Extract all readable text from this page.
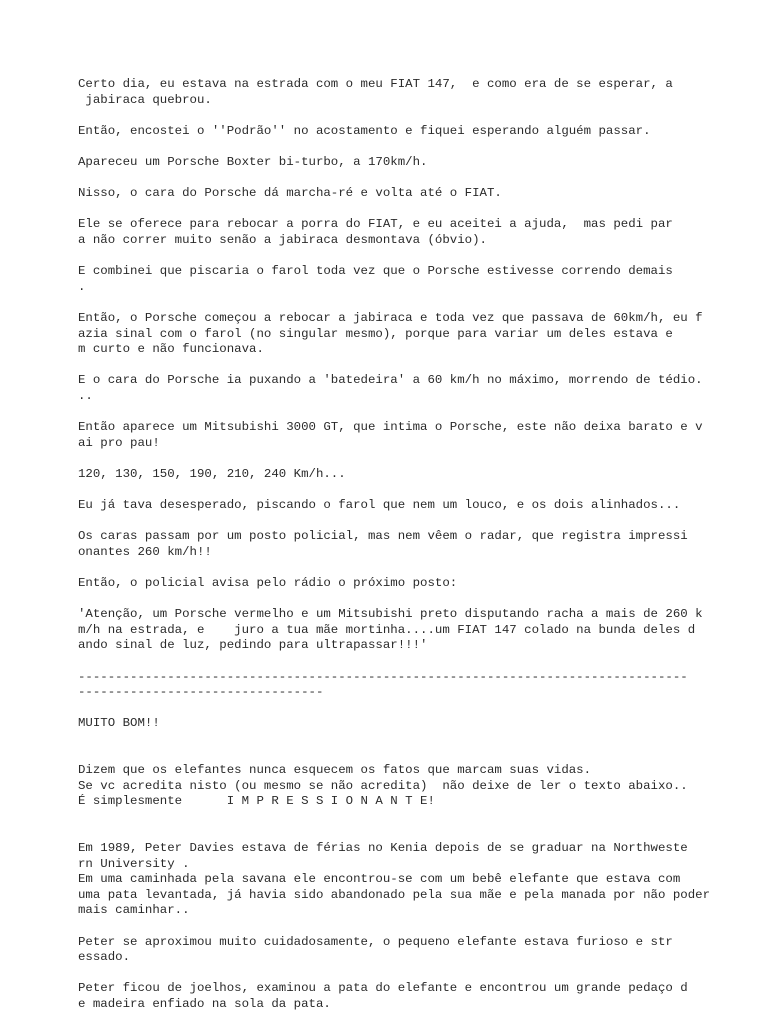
Certo dia, eu estava na estrada com o meu FIAT 147,  e como era de se esperar, a
jabiraca quebrou.
Então, encostei o ''Podrão'' no acostamento e fiquei esperando alguém passar.
Apareceu um Porsche Boxter bi-turbo, a 170km/h.
Nisso, o cara do Porsche dá marcha-ré e volta até o FIAT.
Ele se oferece para rebocar a porra do FIAT, e eu aceitei a ajuda,  mas pedi par
a não correr muito senão a jabiraca desmontava (óbvio).
E combinei que piscaria o farol toda vez que o Porsche estivesse correndo demais
.
Então, o Porsche começou a rebocar a jabiraca e toda vez que passava de 60km/h, eu f
azia sinal com o farol (no singular mesmo), porque para variar um deles estava e
m curto e não funcionava.
E o cara do Porsche ia puxando a 'batedeira' a 60 km/h no máximo, morrendo de tédio.
..
Então aparece um Mitsubishi 3000 GT, que intima o Porsche, este não deixa barato e v
ai pro pau!
120, 130, 150, 190, 210, 240 Km/h...
Eu já tava desesperado, piscando o farol que nem um louco, e os dois alinhados...
Os caras passam por um posto policial, mas nem vêem o radar, que registra impressi
onantes 260 km/h!!
Então, o policial avisa pelo rádio o próximo posto:
'Atenção, um Porsche vermelho e um Mitsubishi preto disputando racha a mais de 260 k
m/h na estrada, e    juro a tua mãe mortinha....um FIAT 147 colado na bunda deles d
ando sinal de luz, pedindo para ultrapassar!!!'
----------------------------------------------------------------------------------
---------------------------------
MUITO BOM!!
Dizem que os elefantes nunca esquecem os fatos que marcam suas vidas.
Se vc acredita nisto (ou mesmo se não acredita)  não deixe de ler o texto abaixo..
É simplesmente      I M P R E S S I O N A N T E!
Em 1989, Peter Davies estava de férias no Kenia depois de se graduar na Northweste
rn University .
Em uma caminhada pela savana ele encontrou-se com um bebê elefante que estava com
uma pata levantada, já havia sido abandonado pela sua mãe e pela manada por não poder
mais caminhar..
Peter se aproximou muito cuidadosamente, o pequeno elefante estava furioso e str
essado.
Peter ficou de joelhos, examinou a pata do elefante e encontrou um grande pedaço d
e madeira enfiado na sola da pata.
